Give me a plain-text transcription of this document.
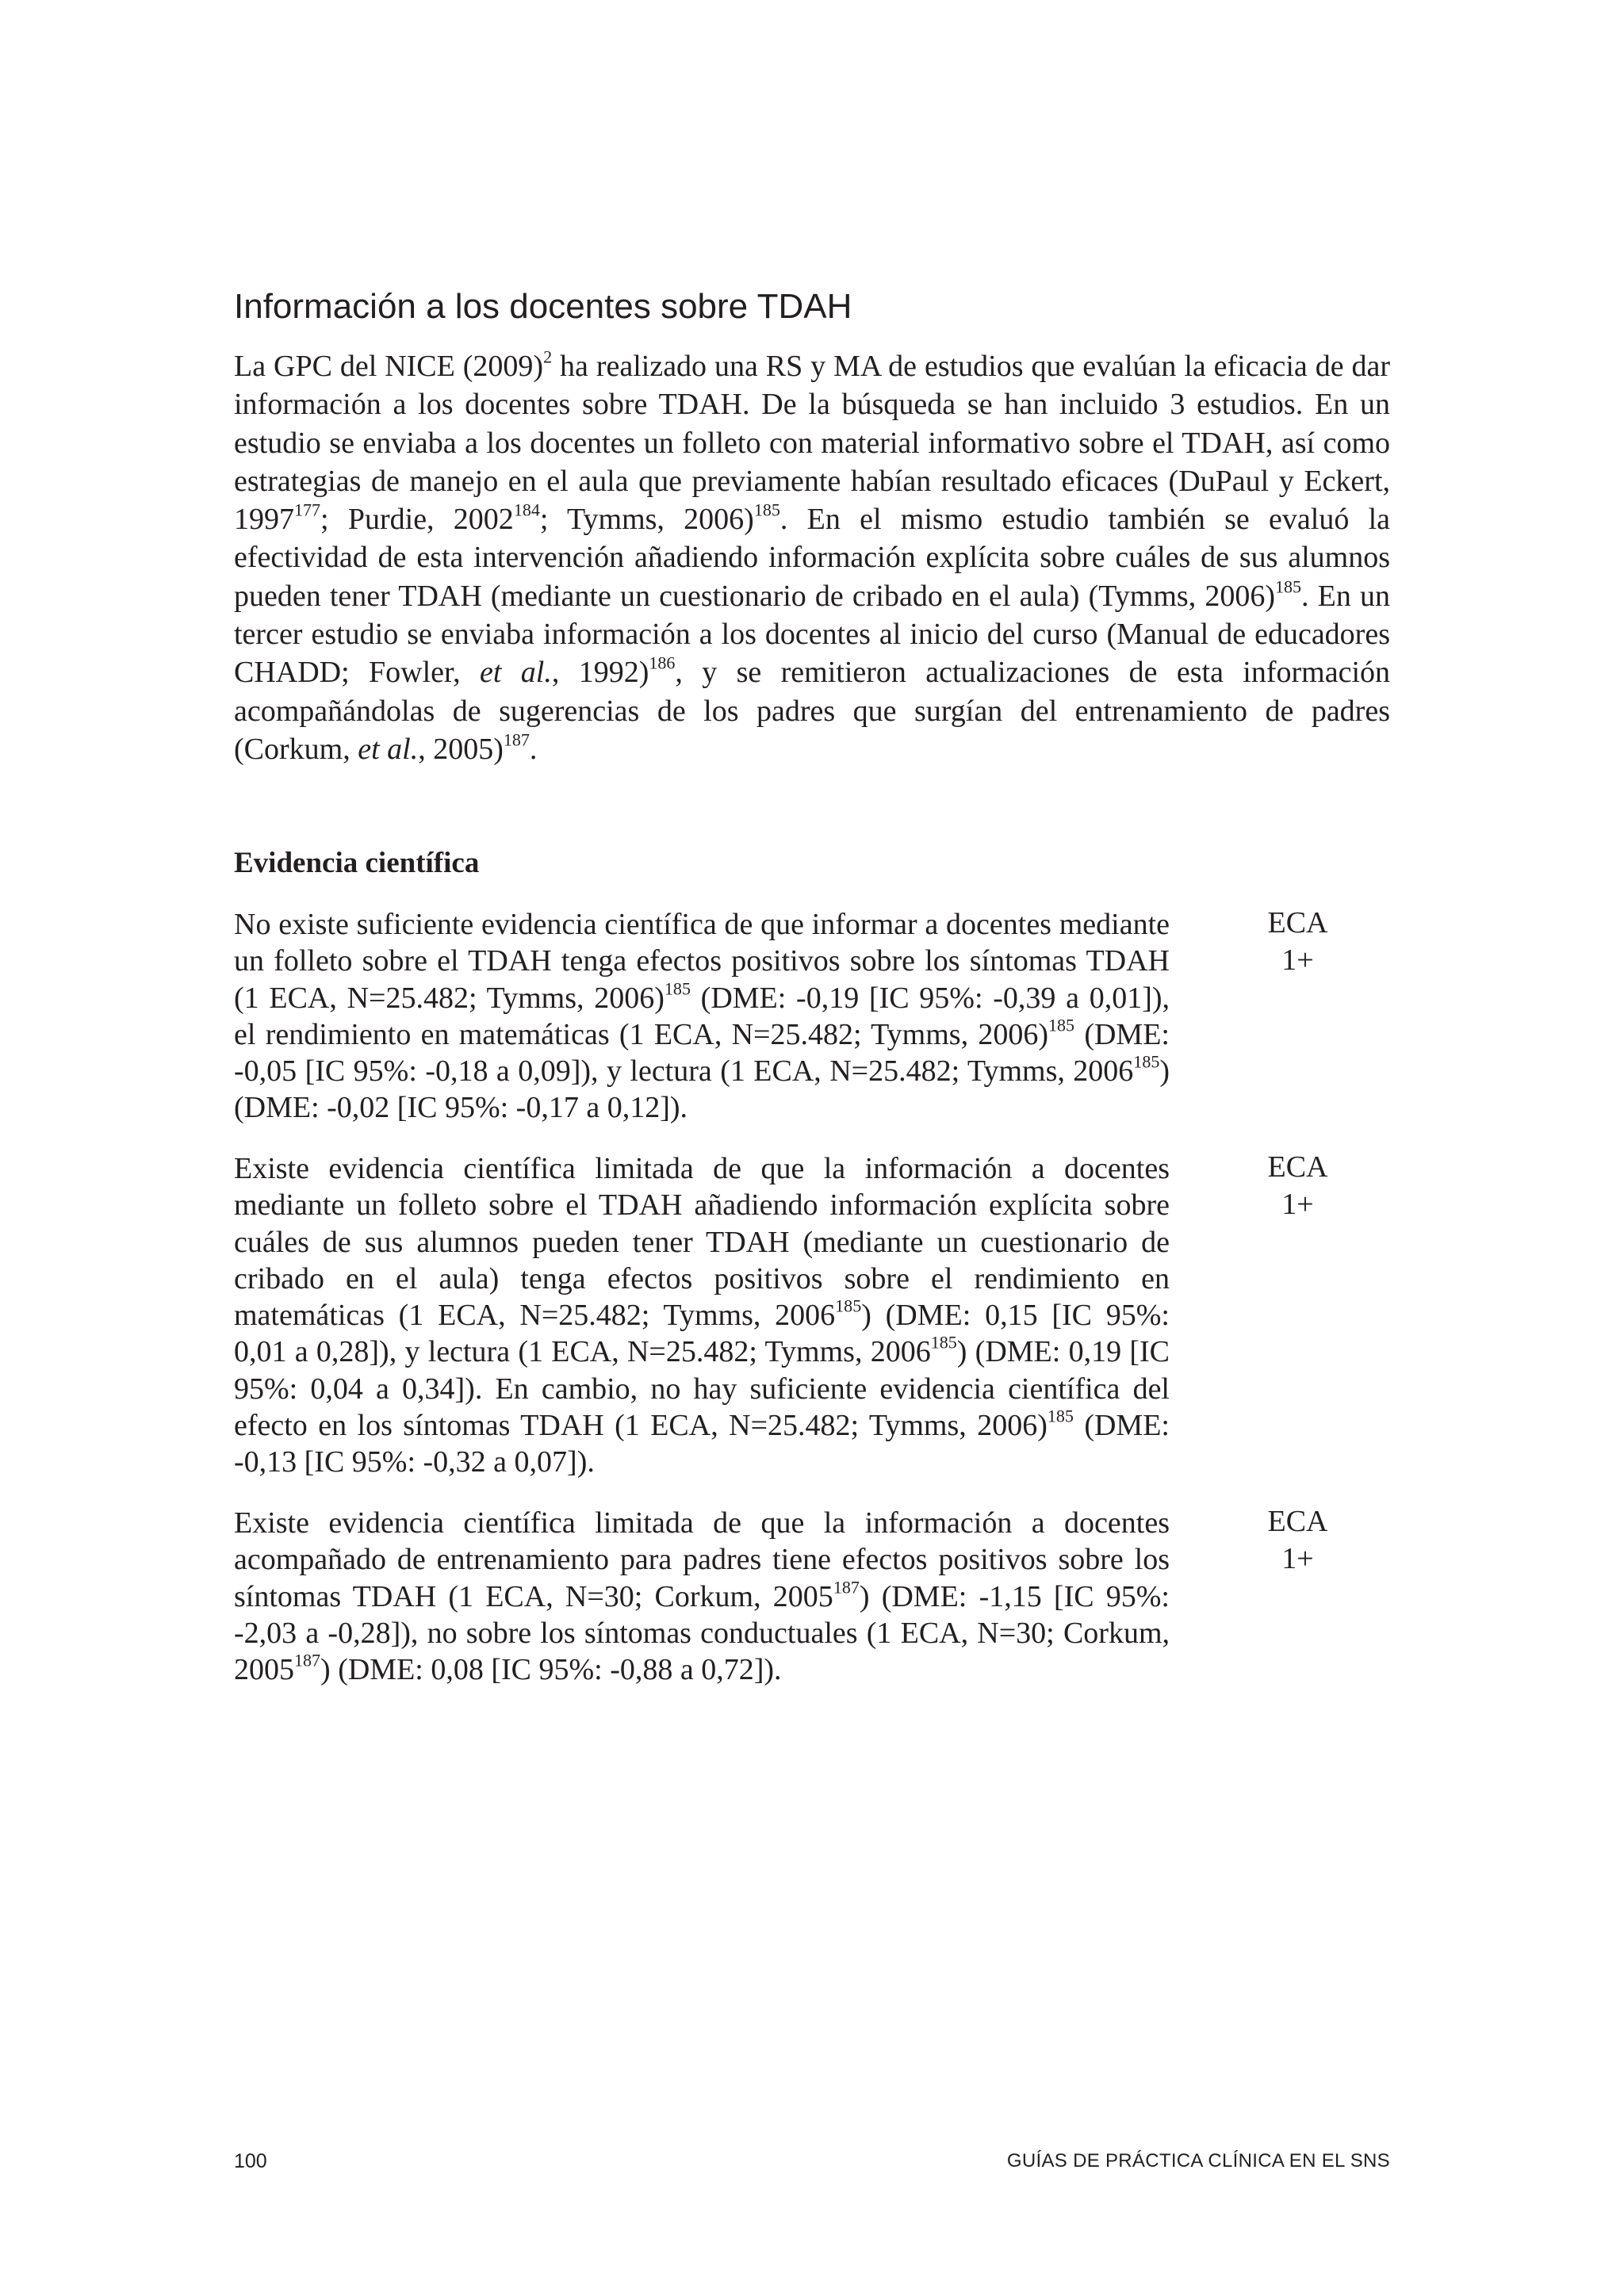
Información a los docentes sobre TDAH

La GPC del NICE $(2009)^2$ ha realizado una RS y MA de estudios que evalúan la eficacia de dar información a los docentes sobre TDAH. De la búsqueda se han incluido 3 estudios. En un estudio se enviaba a los docentes un folleto con material informativo sobre el TDAH, así como estrategias de manejo en el aula que previamente habían resultado eficaces (DuPaul y Eckert, 1997$^{177}$; Purdie, 2002$^{184}$; Tymms, 2006)$^{185}$. En el mismo estudio también se evaluó la efectividad de esta intervención añadiendo información explícita sobre cuáles de sus alumnos pueden tener TDAH (mediante un cuestionario de cribado en el aula) (Tymms, 2006)$^{185}$. En un tercer estudio se enviaba información a los docentes al inicio del curso (Manual de educadores CHADD; Fowler, et al., 1992)$^{186}$, y se remitieron actualizaciones de esta información acompañándolas de sugerencias de los padres que surgían del entrenamiento de padres (Corkum, et al., 2005)$^{187}$.

Evidencia científica

No existe suficiente evidencia científica de que informar a docentes mediante un folleto sobre el TDAH tenga efectos positivos sobre los síntomas TDAH (1 ECA, N=25.482; Tymms, 2006)$^{185}$ (DME: -0,19 [IC 95%: -0,39 a 0,01]), el rendimiento en matemáticas (1 ECA, N=25.482; Tymms, 2006)$^{185}$ (DME: -0,05 [IC 95%: -0,18 a 0,09]), y lectura (1 ECA, N=25.482; Tymms, 2006$^{185}$) (DME: -0,02 [IC 95%: -0,17 a 0,12]).

ECA
1+

Existe evidencia científica limitada de que la información a docentes mediante un folleto sobre el TDAH añadiendo información explícita sobre cuáles de sus alumnos pueden tener TDAH (mediante un cuestionario de cribado en el aula) tenga efectos positivos sobre el rendimiento en matemáticas (1 ECA, N=25.482; Tymms, 2006$^{185}$) (DME: 0,15 [IC 95%: 0,01 a 0,28]), y lectura (1 ECA, N=25.482; Tymms, 2006$^{185}$) (DME: 0,19 [IC 95%: 0,04 a 0,34]). En cambio, no hay suficiente evidencia científica del efecto en los síntomas TDAH (1 ECA, N=25.482; Tymms, 2006)$^{185}$ (DME: -0,13 [IC 95%: -0,32 a 0,07]).

ECA
1+

Existe evidencia científica limitada de que la información a docentes acompañado de entrenamiento para padres tiene efectos positivos sobre los síntomas TDAH (1 ECA, N=30; Corkum, 2005$^{187}$) (DME: -1,15 [IC 95%: -2,03 a -0,28]), no sobre los síntomas conductuales (1 ECA, N=30; Corkum, 2005$^{187}$) (DME: 0,08 [IC 95%: -0,88 a 0,72]).

ECA
1+
100	GUÍAS DE PRÁCTICA CLÍNICA EN EL SNS
